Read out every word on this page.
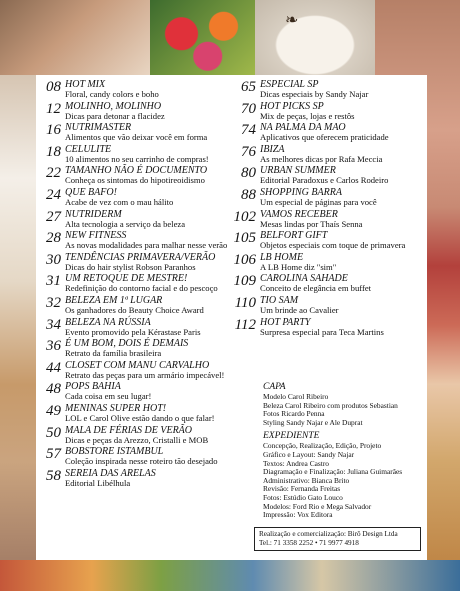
❧
08 HOT MIX
Floral, candy colors e boho
12 MOLINHO, MOLINHO
Dicas para detonar a flacidez
16 NUTRIMASTER
Alimentos que vão deixar você em forma
18 CELULITE
10 alimentos no seu carrinho de compras!
22 TAMANHO NÃO É DOCUMENTO
Conheça os sintomas do hipotireoidismo
24 QUE BAFO!
Acabe de vez com o mau hálito
27 NUTRIDERM
Alta tecnologia a serviço da beleza
28 NEW FITNESS
As novas modalidades para malhar nesse verão
30 TENDÊNCIAS PRIMAVERA/VERÃO
Dicas do hair stylist Robson Paranhos
31 UM RETOQUE DE MESTRE!
Redefinição do contorno facial e do pescoço
32 BELEZA EM 1ª LUGAR
Os ganhadores do Beauty Choice Award
34 BELEZA NA RÚSSIA
Evento promovido pela Kérastase Paris
36 É UM BOM, DOIS É DEMAIS
Retrato da família brasileira
44 CLOSET COM MANU CARVALHO
Retrato das peças para um armário impecável!
48 POPS BAHIA
Cada coisa em seu lugar!
49 MENINAS SUPER HOT!
LOL e Carol Olive estão dando o que falar!
50 MALA DE FÉRIAS DE VERÃO
Dicas e peças da Arezzo, Cristalli e MOB
57 BOBSTORE ISTAMBUL
Coleção inspirada nesse roteiro tão desejado
58 SEREIA DAS ARELAS
Editorial Libélhula
65 ESPECIAL SP
Dicas especiais by Sandy Najar
70 HOT PICKS SP
Mix de peças, lojas e restôs
74 NA PALMA DA MAO
Aplicativos que oferecem praticidade
76 IBIZA
As melhores dicas por Rafa Meccia
80 URBAN SUMMER
Editorial Paradoxus e Carlos Rodeiro
88 SHOPPING BARRA
Um especial de páginas para você
102 VAMOS RECEBER
Mesas lindas por Thaís Senna
105 BELFORT GIFT
Objetos especiais com toque de primavera
106 LB HOME
A LB Home diz "sim"
109 CAROLINA SAHADE
Conceito de elegância em buffet
110 TIO SAM
Um brinde ao Cavalier
112 HOT PARTY
Surpresa especial para Teca Martins
CAPA
Modelo Carol Ribeiro
Beleza Carol Ribeiro com produtos Sebastian
Fotos Ricardo Penna
Styling Sandy Najar e Ale Duprat
EXPEDIENTE
Concepção, Realização, Edição, Projeto
Gráfico e Layout: Sandy Najar
Textos: Andrea Castro
Diagramação e Finalização: Juliana Guimarães
Administrativo: Bianca Brito
Revisão: Fernanda Freitas
Fotos: Estúdio Gato Louco
Modelos: Ford Rio e Mega Salvador
Impressão: Vox Editora
Realização e comercialização: Birô Design Ltda
Tel.: 71 3358 2252 • 71 9977 4918
